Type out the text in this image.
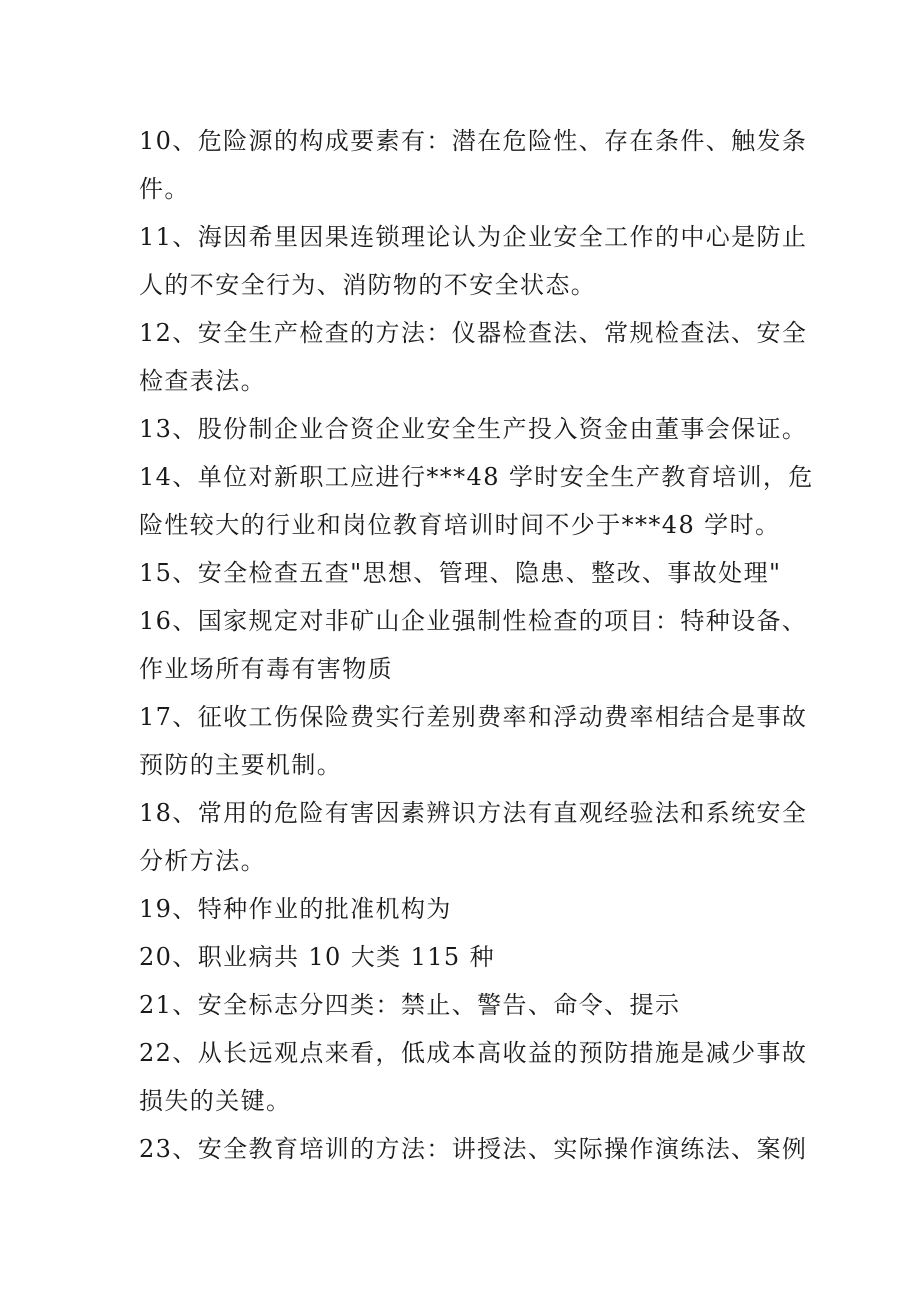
10、危险源的构成要素有：潜在危险性、存在条件、触发条
件。
11、海因希里因果连锁理论认为企业安全工作的中心是防止
人的不安全行为、消防物的不安全状态。
12、安全生产检查的方法：仪器检查法、常规检查法、安全
检查表法。
13、股份制企业合资企业安全生产投入资金由董事会保证。
14、单位对新职工应进行***48 学时安全生产教育培训，危
险性较大的行业和岗位教育培训时间不少于***48 学时。
15、安全检查五查"思想、管理、隐患、整改、事故处理"
16、国家规定对非矿山企业强制性检查的项目：特种设备、
作业场所有毒有害物质
17、征收工伤保险费实行差别费率和浮动费率相结合是事故
预防的主要机制。
18、常用的危险有害因素辨识方法有直观经验法和系统安全
分析方法。
19、特种作业的批准机构为
20、职业病共 10 大类 115 种
21、安全标志分四类：禁止、警告、命令、提示
22、从长远观点来看，低成本高收益的预防措施是减少事故
损失的关键。
23、安全教育培训的方法：讲授法、实际操作演练法、案例
